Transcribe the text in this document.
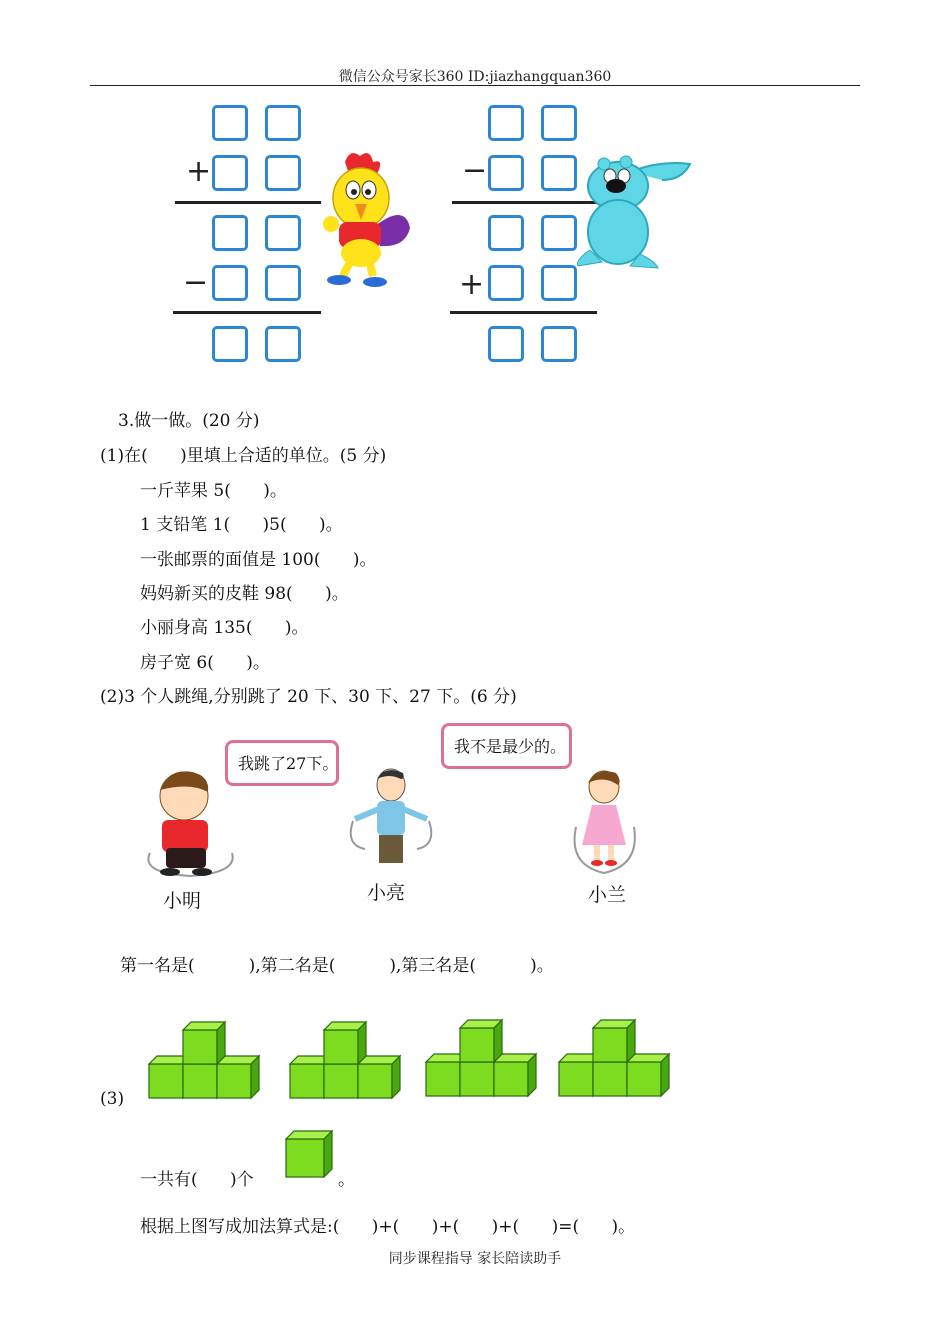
微信公众号家长360 ID:jiazhangquan360
+
−
−
+
3.做一做。(20 分)
(1)在(      )里填上合适的单位。(5 分)
一斤苹果 5(      )。
1 支铅笔 1(      )5(      )。
一张邮票的面值是 100(      )。
妈妈新买的皮鞋 98(      )。
小丽身高 135(      )。
房子宽 6(      )。
(2)3 个人跳绳,分别跳了 20 下、30 下、27 下。(6 分)
我跳了27下。
我不是最少的。
小明	小亮	小兰
第一名是(          ),第二名是(          ),第三名是(          )。
(3)
一共有(      )个	。
根据上图写成加法算式是:(      )+(      )+(      )+(      )=(      )。
同步课程指导 家长陪读助手
